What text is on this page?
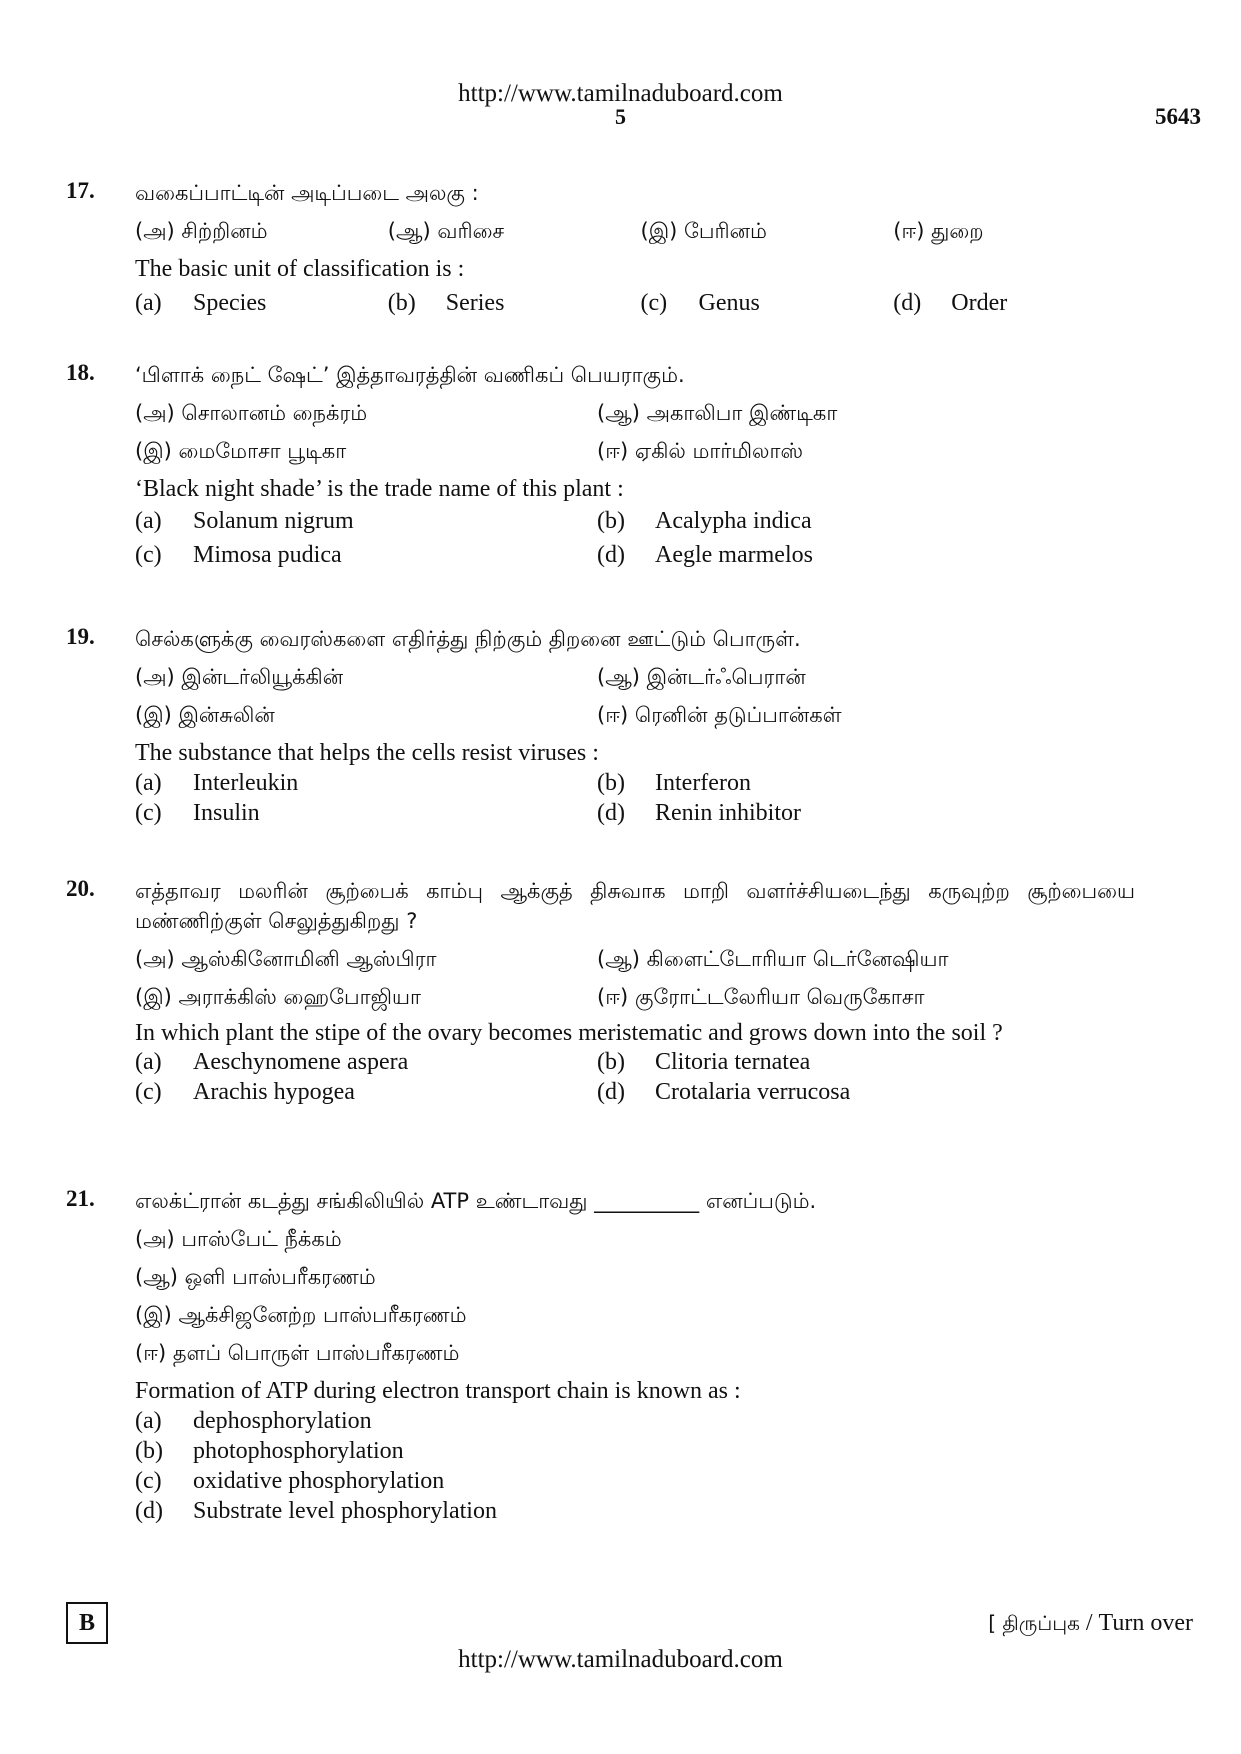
http://www.tamilnaduboard.com
5	5643
17. வகைப்பாட்டின் அடிப்படை அலகு :
(அ) சிற்றினம்	(ஆ) வரிசை	(இ) பேரினம்	(ஈ) துறை
The basic unit of classification is :
(a) Species	(b) Series	(c) Genus	(d) Order
18. ‘பிளாக் நைட் ஷேட்’ இத்தாவரத்தின் வணிகப் பெயராகும்.
(அ) சொலானம் நைக்ரம்	(ஆ) அகாலிபா இண்டிகா
(இ) மைமோசா பூடிகா	(ஈ) ஏகில் மார்மிலாஸ்
‘Black night shade’ is the trade name of this plant :
(a) Solanum nigrum	(b) Acalypha indica
(c) Mimosa pudica	(d) Aegle marmelos
19. செல்களுக்கு வைரஸ்களை எதிர்த்து நிற்கும் திறனை ஊட்டும் பொருள்.
(அ) இன்டர்லியூக்கின்	(ஆ) இன்டர்ஃபெரான்
(இ) இன்சுலின்	(ஈ) ரெனின் தடுப்பான்கள்
The substance that helps the cells resist viruses :
(a) Interleukin	(b) Interferon
(c) Insulin	(d) Renin inhibitor
20. எத்தாவர மலரின் சூற்பைக் காம்பு ஆக்குத் திசுவாக மாறி வளர்ச்சியடைந்து கருவுற்ற சூற்பையை மண்ணிற்குள் செலுத்துகிறது ?
(அ) ஆஸ்கினோமினி ஆஸ்பிரா	(ஆ) கிளைட்டோரியா டெர்னேஷியா
(இ) அராக்கிஸ் ஹைபோஜியா	(ஈ) குரோட்டலேரியா வெருகோசா
In which plant the stipe of the ovary becomes meristematic and grows down into the soil ?
(a) Aeschynomene aspera	(b) Clitoria ternatea
(c) Arachis hypogea	(d) Crotalaria verrucosa
21. எலக்ட்ரான் கடத்து சங்கிலியில் ATP உண்டாவது __________ எனப்படும்.
(அ) பாஸ்பேட் நீக்கம்
(ஆ) ஒளி பாஸ்பரீகரணம்
(இ) ஆக்சிஜனேற்ற பாஸ்பரீகரணம்
(ஈ) தளப் பொருள் பாஸ்பரீகரணம்
Formation of ATP during electron transport chain is known as :
(a) dephosphorylation
(b) photophosphorylation
(c) oxidative phosphorylation
(d) Substrate level phosphorylation
B	[ திருப்புக / Turn over
http://www.tamilnaduboard.com
